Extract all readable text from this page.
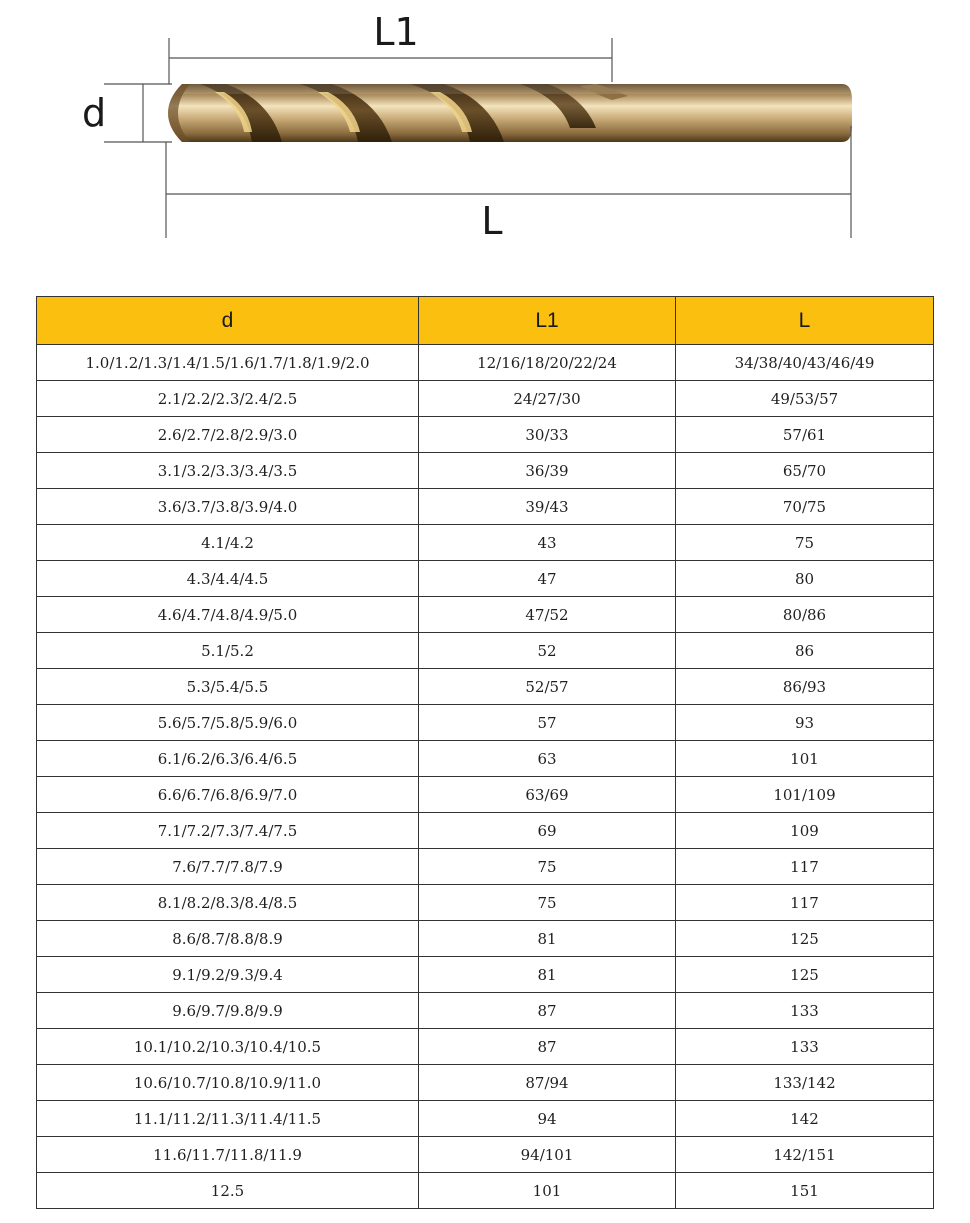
L1
d
L
d	L1	L
1.0/1.2/1.3/1.4/1.5/1.6/1.7/1.8/1.9/2.0	12/16/18/20/22/24	34/38/40/43/46/49
2.1/2.2/2.3/2.4/2.5	24/27/30	49/53/57
2.6/2.7/2.8/2.9/3.0	30/33	57/61
3.1/3.2/3.3/3.4/3.5	36/39	65/70
3.6/3.7/3.8/3.9/4.0	39/43	70/75
4.1/4.2	43	75
4.3/4.4/4.5	47	80
4.6/4.7/4.8/4.9/5.0	47/52	80/86
5.1/5.2	52	86
5.3/5.4/5.5	52/57	86/93
5.6/5.7/5.8/5.9/6.0	57	93
6.1/6.2/6.3/6.4/6.5	63	101
6.6/6.7/6.8/6.9/7.0	63/69	101/109
7.1/7.2/7.3/7.4/7.5	69	109
7.6/7.7/7.8/7.9	75	117
8.1/8.2/8.3/8.4/8.5	75	117
8.6/8.7/8.8/8.9	81	125
9.1/9.2/9.3/9.4	81	125
9.6/9.7/9.8/9.9	87	133
10.1/10.2/10.3/10.4/10.5	87	133
10.6/10.7/10.8/10.9/11.0	87/94	133/142
11.1/11.2/11.3/11.4/11.5	94	142
11.6/11.7/11.8/11.9	94/101	142/151
12.5	101	151
